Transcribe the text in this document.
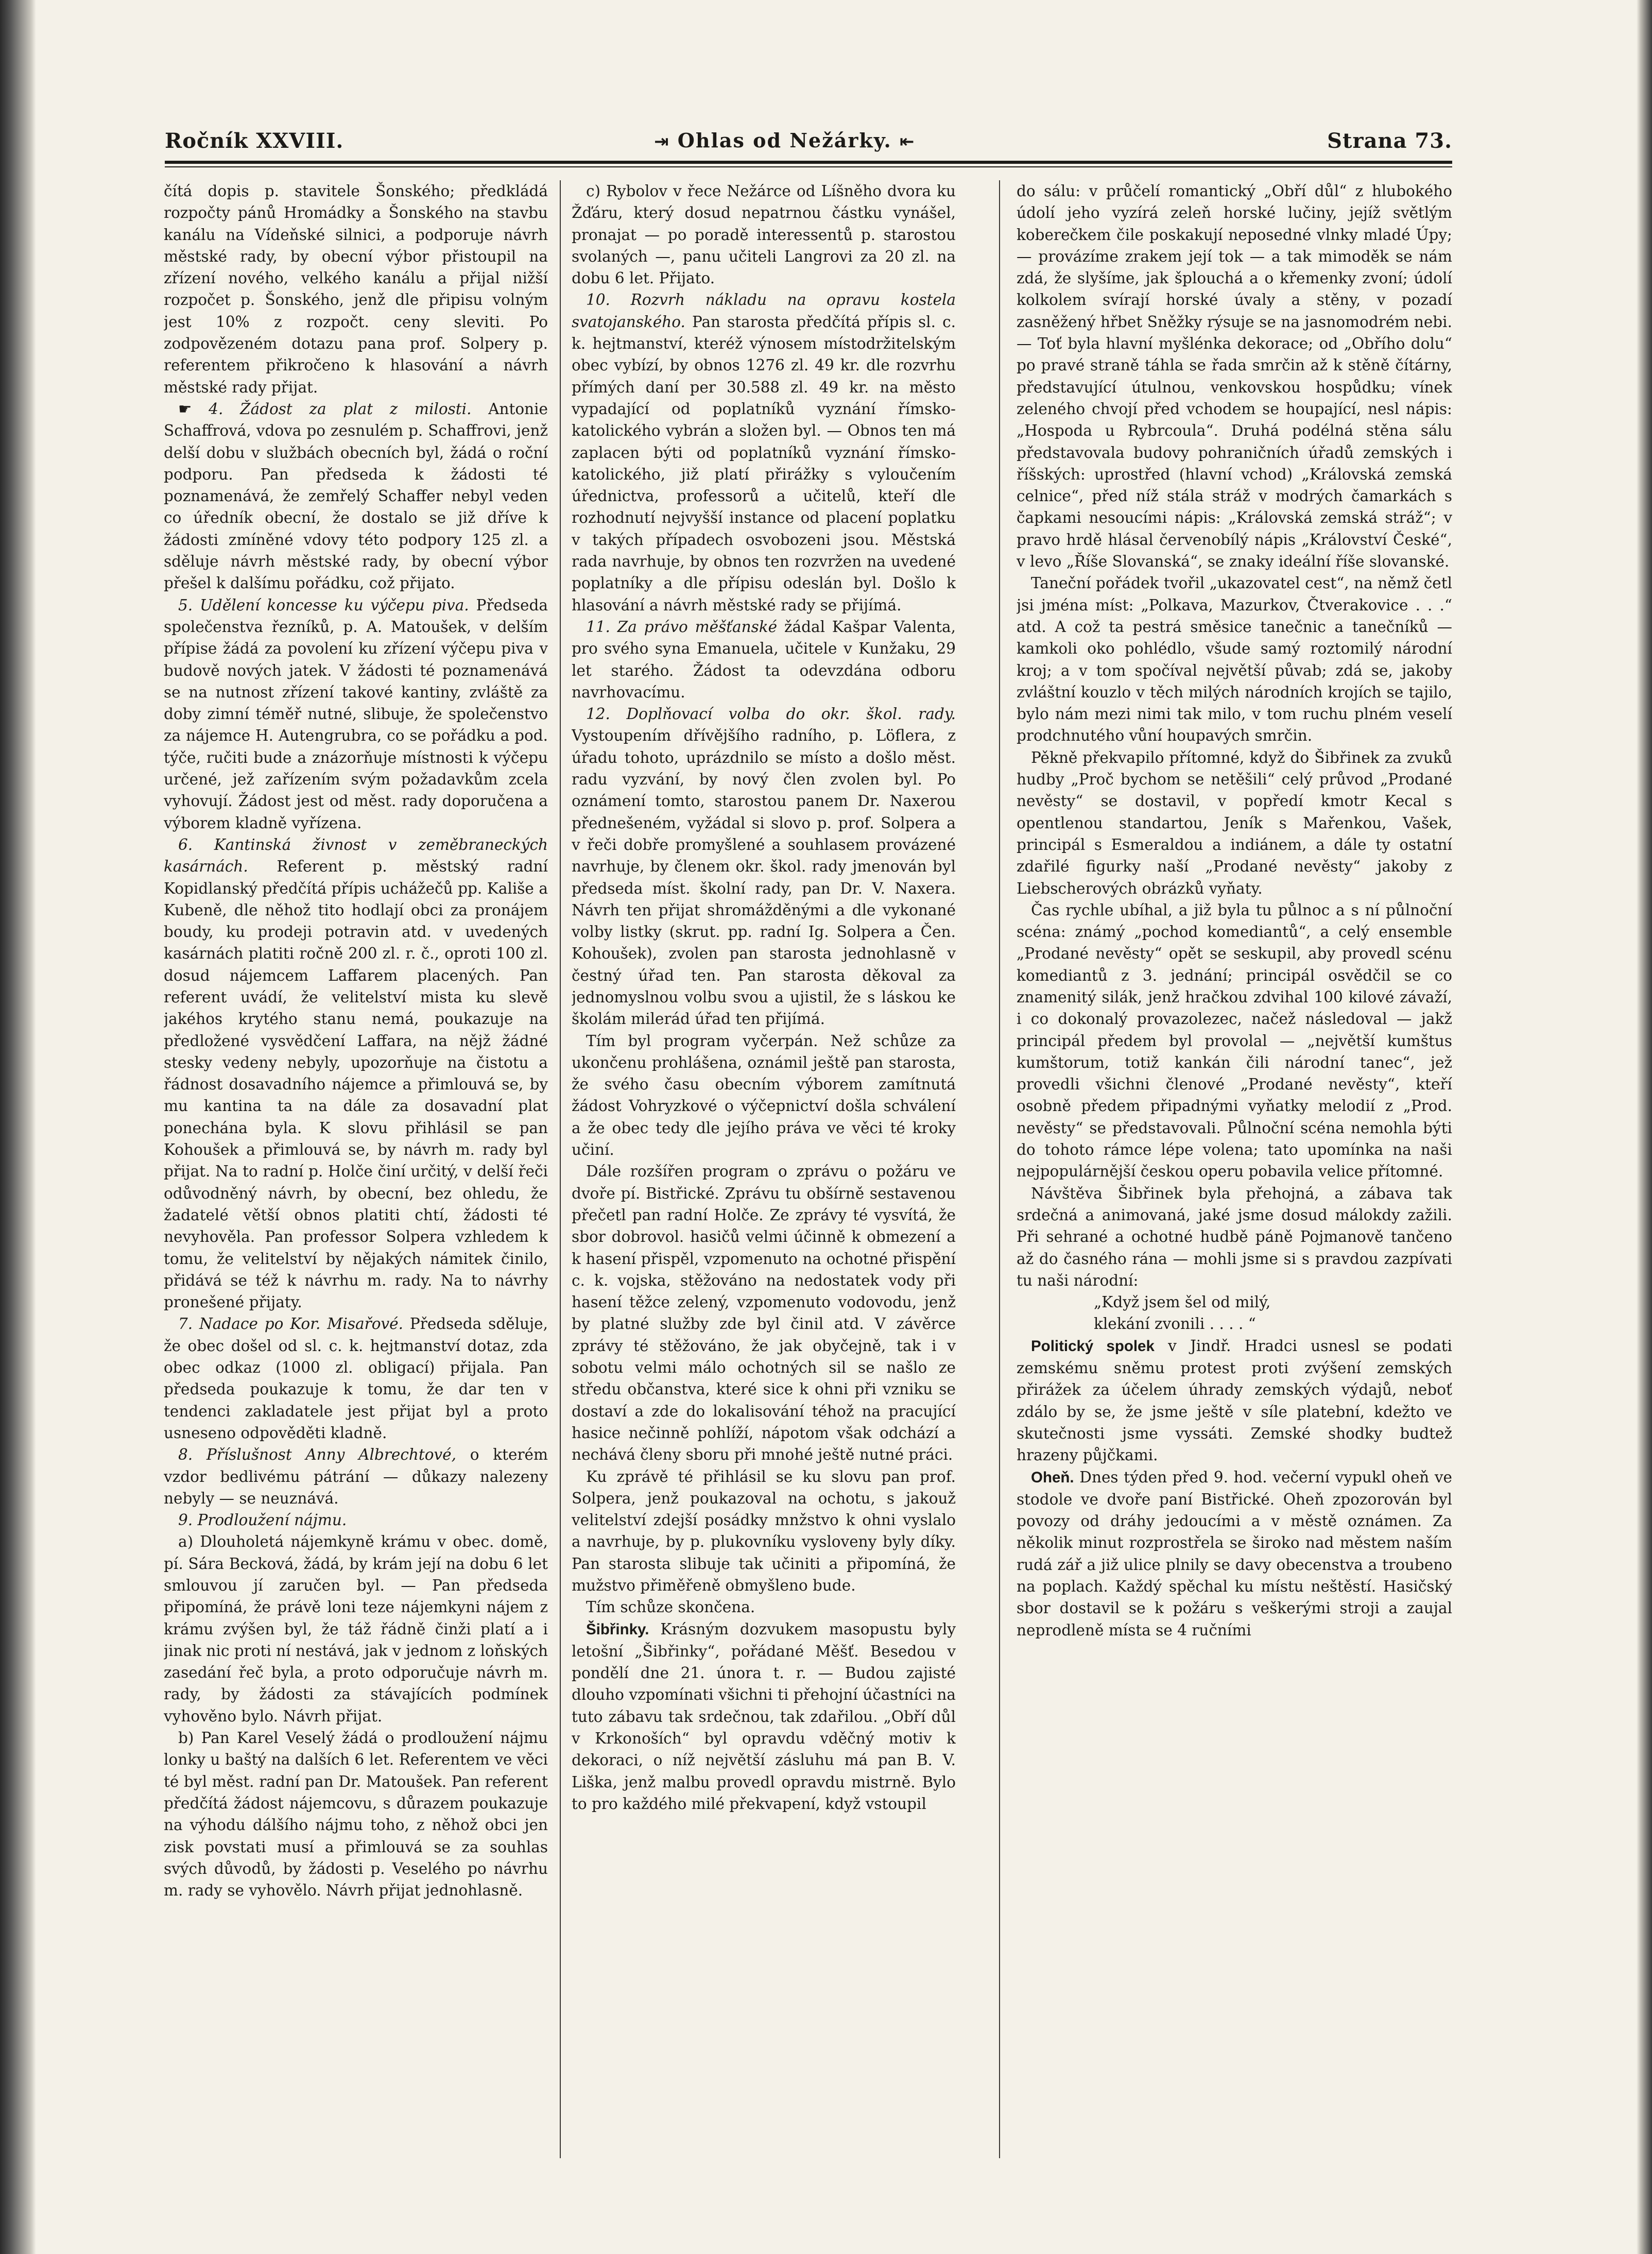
Ročník XXVIII.	⇥ Ohlas od Nežárky. ⇤	Strana 73.

čítá dopis p. stavitele Šonského; předkládá rozpočty pánů Hromádky a Šonského na stavbu kanálu na Vídeňské silnici, a podporuje návrh městské rady, by obecní výbor přistoupil na zřízení nového, velkého kanálu a přijal nižší rozpočet p. Šonského, jenž dle připisu volným jest 10% z rozpočt. ceny sleviti. Po zodpovězeném dotazu pana prof. Solpery p. referentem přikročeno k hlasování a návrh městské rady přijat.

☛ 4. Žádost za plat z milosti. Antonie Schaffrová, vdova po zesnulém p. Schaffrovi, jenž delší dobu v službách obecních byl, žádá o roční podporu. Pan předseda k žádosti té poznamenává, že zemřelý Schaffer nebyl veden co úředník obecní, že dostalo se již dříve k žádosti zmíněné vdovy této podpory 125 zl. a sděluje návrh městské rady, by obecní výbor přešel k dalšímu pořádku, což přijato.

5. Udělení koncesse ku výčepu piva. Předseda společenstva řezníků, p. A. Matoušek, v delším přípise žádá za povolení ku zřízení výčepu piva v budově nových jatek. V žádosti té poznamenává se na nutnost zřízení takové kantiny, zvláště za doby zimní téměř nutné, slibuje, že společenstvo za nájemce H. Autengrubra, co se pořádku a pod. týče, ručiti bude a znázorňuje místnosti k výčepu určené, jež zařízením svým požadavkům zcela vyhovují. Žádost jest od měst. rady doporučena a výborem kladně vyřízena.

6. Kantinská živnost v zeměbraneckých kasárnách. Referent p. městský radní Kopidlanský předčítá přípis uchážečů pp. Kališe a Kubeně, dle něhož tito hodlají obci za pronájem boudy, ku prodeji potravin atd. v uvedených kasárnách platiti ročně 200 zl. r. č., oproti 100 zl. dosud nájemcem Laffarem placených. Pan referent uvádí, že velitelství mista ku slevě jakéhos krytého stanu nemá, poukazuje na předložené vysvědčení Laffara, na nějž žádné stesky vedeny nebyly, upozorňuje na čistotu a řádnost dosavadního nájemce a přimlouvá se, by mu kantina ta na dále za dosavadní plat ponechána byla. K slovu přihlásil se pan Kohoušek a přimlouvá se, by návrh m. rady byl přijat. Na to radní p. Holče činí určitý, v delší řeči odůvodněný návrh, by obecní, bez ohledu, že žadatelé větší obnos platiti chtí, žádosti té nevyhověla. Pan professor Solpera vzhledem k tomu, že velitelství by nějakých námitek činilo, přidává se též k návrhu m. rady. Na to návrhy pronešené přijaty.

7. Nadace po Kor. Misařové. Předseda sděluje, že obec došel od sl. c. k. hejtmanství dotaz, zda obec odkaz (1000 zl. obligací) přijala. Pan předseda poukazuje k tomu, že dar ten v tendenci zakladatele jest přijat byl a proto usneseno odpověděti kladně.

8. Příslušnost Anny Albrechtové, o kterém vzdor bedlivému pátrání — důkazy nalezeny nebyly — se neuznává.

9. Prodloužení nájmu.

a) Dlouholetá nájemkyně krámu v obec. domě, pí. Sára Becková, žádá, by krám její na dobu 6 let smlouvou jí zaručen byl. — Pan předseda připomíná, že právě loni teze nájemkyni nájem z krámu zvýšen byl, že táž řádně činži platí a i jinak nic proti ní nestává, jak v jednom z loňských zasedání řeč byla, a proto odporučuje návrh m. rady, by žádosti za stávajících podmínek vyhověno bylo. Návrh přijat.

b) Pan Karel Veselý žádá o prodloužení nájmu lonky u baštý na dalších 6 let. Referentem ve věci té byl měst. radní pan Dr. Matoušek. Pan referent předčítá žádost nájemcovu, s důrazem poukazuje na výhodu dálšího nájmu toho, z něhož obci jen zisk povstati musí a přimlouvá se za souhlas svých důvodů, by žádosti p. Veselého po návrhu m. rady se vyhovělo. Návrh přijat jednohlasně.

c) Rybolov v řece Nežárce od Líšněho dvora ku Žďáru, který dosud nepatrnou částku vynášel, pronajat — po poradě interessentů p. starostou svolaných —, panu učiteli Langrovi za 20 zl. na dobu 6 let. Přijato.

10. Rozvrh nákladu na opravu kostela svatojanského. Pan starosta předčítá přípis sl. c. k. hejtmanství, kteréž výnosem místodržitelským obec vybízí, by obnos 1276 zl. 49 kr. dle rozvrhu přímých daní per 30.588 zl. 49 kr. na město vypadající od poplatníků vyznání římsko-katolického vybrán a složen byl. — Obnos ten má zaplacen býti od poplatníků vyznání římsko-katolického, již platí přirážky s vyloučením úřednictva, professorů a učitelů, kteří dle rozhodnutí nejvyšší instance od placení poplatku v takých případech osvobozeni jsou. Městská rada navrhuje, by obnos ten rozvržen na uvedené poplatníky a dle přípisu odeslán byl. Došlo k hlasování a návrh městské rady se přijímá.

11. Za právo měšťanské žádal Kašpar Valenta, pro svého syna Emanuela, učitele v Kunžaku, 29 let starého. Žádost ta odevzdána odboru navrhovacímu.

12. Doplňovací volba do okr. škol. rady. Vystoupením dřívějšího radního, p. Löflera, z úřadu tohoto, uprázdnilo se místo a došlo měst. radu vyzvání, by nový člen zvolen byl. Po oznámení tomto, starostou panem Dr. Naxerou přednešeném, vyžádal si slovo p. prof. Solpera a v řeči dobře promyšlené a souhlasem provázené navrhuje, by členem okr. škol. rady jmenován byl předseda míst. školní rady, pan Dr. V. Naxera. Návrh ten přijat shromážděnými a dle vykonané volby listky (skrut. pp. radní Ig. Solpera a Čen. Kohoušek), zvolen pan starosta jednohlasně v čestný úřad ten. Pan starosta děkoval za jednomyslnou volbu svou a ujistil, že s láskou ke školám milerád úřad ten přijímá.

Tím byl program vyčerpán. Než schůze za ukončenu prohlášena, oznámil ještě pan starosta, že svého času obecním výborem zamítnutá žádost Vohryzkové o výčepnictví došla schválení a že obec tedy dle jejího práva ve věci té kroky učiní.

Dále rozšířen program o zprávu o požáru ve dvoře pí. Bistřické. Zprávu tu obšírně sestavenou přečetl pan radní Holče. Ze zprávy té vysvítá, že sbor dobrovol. hasičů velmi účinně k obmezení a k hasení přispěl, vzpomenuto na ochotné přispění c. k. vojska, stěžováno na nedostatek vody při hasení těžce zelený, vzpomenuto vodovodu, jenž by platné služby zde byl činil atd. V závěrce zprávy té stěžováno, že jak obyčejně, tak i v sobotu velmi málo ochotných sil se našlo ze středu občanstva, které sice k ohni při vzniku se dostaví a zde do lokalisování téhož na pracující hasice nečinně pohlíží, nápotom však odchází a nechává členy sboru při mnohé ještě nutné práci.

Ku zprávě té přihlásil se ku slovu pan prof. Solpera, jenž poukazoval na ochotu, s jakouž velitelství zdejší posádky mnžstvo k ohni vyslalo a navrhuje, by p. plukovníku vysloveny byly díky. Pan starosta slibuje tak učiniti a připomíná, že mužstvo přiměřeně obmyšleno bude.

Tím schůze skončena.

Šibřinky. Krásným dozvukem masopustu byly letošní „Šibřinky“, pořádané Měšť. Besedou v pondělí dne 21. února t. r. — Budou zajisté dlouho vzpomínati všichni ti přehojní účastníci na tuto zábavu tak srdečnou, tak zdařilou. „Obří důl v Krkonoších“ byl opravdu vděčný motiv k dekoraci, o níž největší zásluhu má pan B. V. Liška, jenž malbu provedl opravdu mistrně. Bylo to pro každého milé překvapení, když vstoupil

do sálu: v průčelí romantický „Obří důl“ z hlubokého údolí jeho vyzírá zeleň horské lučiny, jejíž světlým koberečkem čile poskakují neposedné vlnky mladé Úpy; — provázíme zrakem její tok — a tak mimoděk se nám zdá, že slyšíme, jak šplouchá a o křemenky zvoní; údolí kolkolem svírají horské úvaly a stěny, v pozadí zasněžený hřbet Sněžky rýsuje se na jasnomodrém nebi. — Toť byla hlavní myšlénka dekorace; od „Obřího dolu“ po pravé straně táhla se řada smrčin až k stěně čítárny, představující útulnou, venkovskou hospůdku; vínek zeleného chvojí před vchodem se houpající, nesl nápis: „Hospoda u Rybrcoula“. Druhá podélná stěna sálu představovala budovy pohraničních úřadů zemských i říšských: uprostřed (hlavní vchod) „Královská zemská celnice“, před níž stála stráž v modrých čamarkách s čapkami nesoucími nápis: „Královská zemská stráž“; v pravo hrdě hlásal červenobílý nápis „Království České“, v levo „Říše Slovanská“, se znaky ideální říše slovanské.

Taneční pořádek tvořil „ukazovatel cest“, na němž četl jsi jména míst: „Polkava, Mazurkov, Čtverakovice . . .“ atd. A což ta pestrá směsice tanečnic a tanečníků — kamkoli oko pohlédlo, všude samý roztomilý národní kroj; a v tom spočíval největší půvab; zdá se, jakoby zvláštní kouzlo v těch milých národních krojích se tajilo, bylo nám mezi nimi tak milo, v tom ruchu plném veselí prodchnutého vůní houpavých smrčin.

Pěkně překvapilo přítomné, když do Šibřinek za zvuků hudby „Proč bychom se netěšili“ celý průvod „Prodané nevěsty“ se dostavil, v popředí kmotr Kecal s opentlenou standartou, Jeník s Mařenkou, Vašek, principál s Esmeraldou a indiánem, a dále ty ostatní zdařilé figurky naší „Prodané nevěsty“ jakoby z Liebscherových obrázků vyňaty.

Čas rychle ubíhal, a již byla tu půlnoc a s ní půlnoční scéna: známý „pochod komediantů“, a celý ensemble „Prodané nevěsty“ opět se seskupil, aby provedl scénu komediantů z 3. jednání; principál osvědčil se co znamenitý silák, jenž hračkou zdvihal 100 kilové závaží, i co dokonalý provazolezec, načež následoval — jakž principál předem byl provolal — „největší kumštus kumštorum, totiž kankán čili národní tanec“, jež provedli všichni členové „Prodané nevěsty“, kteří osobně předem připadnými vyňatky melodií z „Prod. nevěsty“ se představovali. Půlnoční scéna nemohla býti do tohoto rámce lépe volena; tato upomínka na naši nejpopulárnější českou operu pobavila velice přítomné.

Návštěva Šibřinek byla přehojná, a zábava tak srdečná a animovaná, jaké jsme dosud málokdy zažili. Při sehrané a ochotné hudbě páně Pojmanově tančeno až do časného rána — mohli jsme si s pravdou zazpívati tu naši národní:

„Když jsem šel od milý,

klekání zvonili . . . . “

Politický spolek v Jindř. Hradci usnesl se podati zemskému sněmu protest proti zvýšení zemských přirážek za účelem úhrady zemských výdajů, neboť zdálo by se, že jsme ještě v síle platební, kdežto ve skutečnosti jsme vyssáti. Zemské shodky budtež hrazeny půjčkami.

Oheň. Dnes týden před 9. hod. večerní vypukl oheň ve stodole ve dvoře paní Bistřické. Oheň zpozorován byl povozy od dráhy jedoucími a v městě oznámen. Za několik minut rozprostřela se široko nad městem naším rudá zář a již ulice plnily se davy obecenstva a troubeno na poplach. Každý spěchal ku místu neštěstí. Hasičský sbor dostavil se k požáru s veškerými stroji a zaujal neprodleně místa se 4 ručními
